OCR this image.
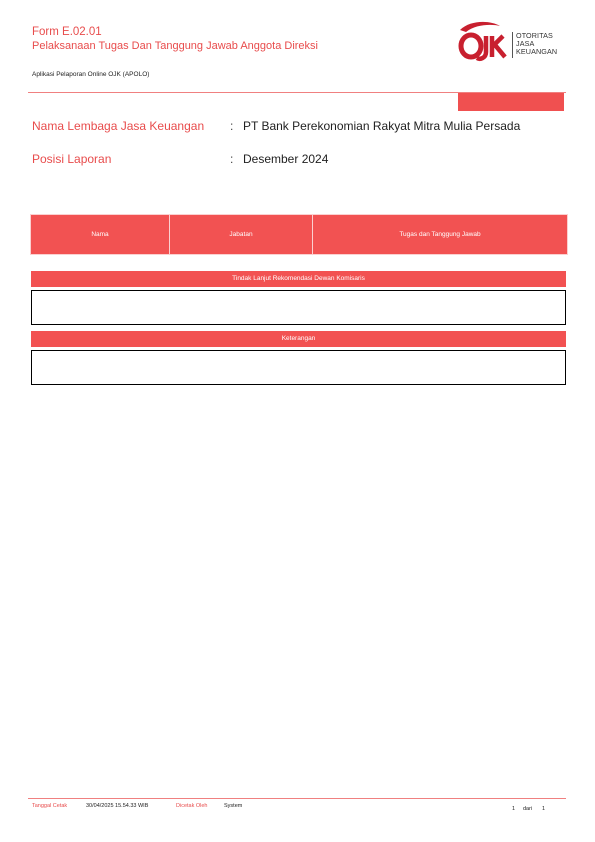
Form E.02.01
Pelaksanaan Tugas Dan Tanggung Jawab Anggota Direksi
Aplikasi Pelaporan Online OJK (APOLO)
OTORITAS
JASA
KEUANGAN
Nama Lembaga Jasa Keuangan : PT Bank Perekonomian Rakyat Mitra Mulia Persada
Posisi Laporan	: Desember 2024
Nama	Jabatan	Tugas dan Tanggung Jawab
Tindak Lanjut Rekomendasi Dewan Komisaris
Keterangan
Tanggal Cetak	30/04/2025 15.54.33 WIB	Dicetak Oleh	System	1 dari 1
